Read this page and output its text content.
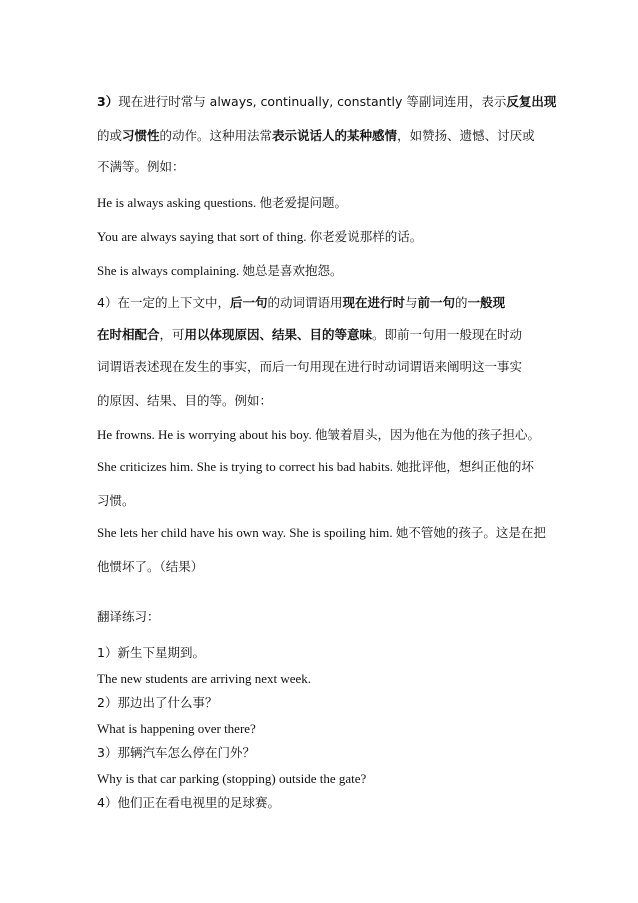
3）现在进行时常与 always, continually, constantly 等副词连用，表示反复出现
的或习惯性的动作。这种用法常表示说话人的某种感情，如赞扬、遗憾、讨厌或
不满等。例如：
He is always asking questions. 他老爱提问题。
You are always saying that sort of thing. 你老爱说那样的话。
She is always complaining. 她总是喜欢抱怨。
4）在一定的上下文中，后一句的动词谓语用现在进行时与前一句的一般现
在时相配合，可用以体现原因、结果、目的等意味。即前一句用一般现在时动
词谓语表述现在发生的事实，而后一句用现在进行时动词谓语来阐明这一事实
的原因、结果、目的等。例如：
He frowns. He is worrying about his boy. 他皱着眉头，因为他在为他的孩子担心。
She criticizes him. She is trying to correct his bad habits. 她批评他，想纠正他的坏
习惯。
She lets her child have his own way. She is spoiling him. 她不管她的孩子。这是在把
他惯坏了。（结果）
翻译练习：
1）新生下星期到。
The new students are arriving next week.
2）那边出了什么事？
What is happening over there?
3）那辆汽车怎么停在门外？
Why is that car parking (stopping) outside the gate?
4）他们正在看电视里的足球赛。
